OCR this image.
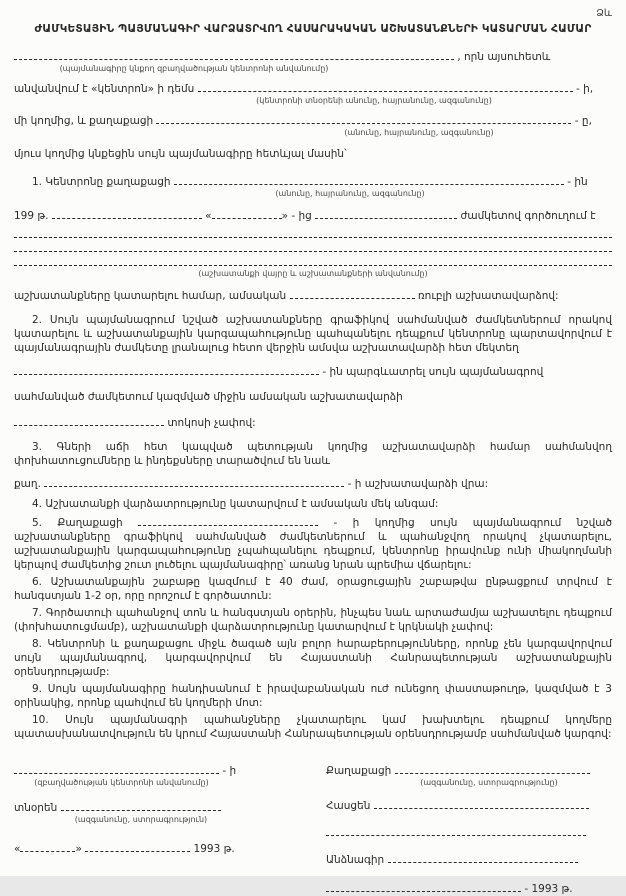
Ձև
ԺԱՄԿԵՏԱՅԻՆ ՊԱՅՄԱՆԱԳԻՐ ՎԱՐՁԱՏՐՎՈՂ ՀԱՍԱՐԱԿԱԿԱՆ ԱՇԽԱՏԱՆՔՆԵՐԻ ԿԱՏԱՐՄԱՆ ՀԱՄԱՐ
, որն այսուհետև
(պայմանագիրը կնքող զբաղվածության կենտրոնի անվանումը)
անվանվում է «կենտրոն» ի դեմս	- ի,
(կենտրոնի տնօրենի անունը, հայրանունը, ազգանունը)
մի կողմից, և քաղաքացի	- ը,
(անունը, հայրանունը, ազգանունը)
մյուս կողմից կնքեցին սույն պայմանագիրը հետևյալ մասին՝
1. Կենտրոնը քաղաքացի	- ին
(անունը, հայրանունը, ազգանունը)
199 թ.	«	» - ից	ժամկետով գործուղում է
(աշխատանքի վայրը և աշխատանքների անվանումը)
աշխատանքները կատարելու համար, ամսական	ռուբլի աշխատավարձով:
2. Սույն պայմանագրում նշված աշխատանքները գրաֆիկով սահմանված ժամկետներում որակով կատարելու և աշխատանքային կարգապահությունը պահպանելու դեպքում կենտրոնը պարտավորվում է պայմանագրային ժամկետը լրանալուց հետո վերջին ամսվա աշխատավարձի հետ մեկտեղ
- ին պարգևատրել սույն պայմանագրով
սահմանված ժամկետում կազմված միջին ամսական աշխատավարձի
տոկոսի չափով:
3. Գների աճի հետ կապված պետության կողմից աշխատավարձի համար սահմանվող փոխհատուցումները և ինդեքսները տարածվում են նաև
քաղ.	- ի աշխատավարձի վրա:
4. Աշխատանքի վարձատրությունը կատարվում է ամսական մեկ անգամ:
5. Քաղաքացի	- ի կողմից սույն պայմանագրում նշված աշխատանքները գրաֆիկով սահմանված ժամկետներում և պահանջվող որակով չկատարելու, աշխատանքային կարգապահությունը չպահպանելու դեպքում, կենտրոնը իրավունք ունի միակողմանի կերպով ժամկետից շուտ լուծելու պայմանագիրը՝ առանց նրան պրեմիա վճարելու:
6. Աշխատանքային շաբաթը կազմում է 40 ժամ, օրացուցային շաբաթվա ընթացքում տրվում է հանգստյան 1-2 օր, որը որոշում է գործատուն:
7. Գործատուի պահանջով տոն և հանգստյան օրերին, ինչպես նաև արտաժամյա աշխատելու դեպքում (փոխհատուցմամբ), աշխատանքի վարձատրությունը կատարվում է կրկնակի չափով:
8. Կենտրոնի և քաղաքացու միջև ծագած այն բոլոր հարաբերությունները, որոնք չեն կարգավորվում սույն պայմանագրով, կարգավորվում են Հայաստանի Հանրապետության աշխատանքային օրենսդրությամբ:
9. Սույն պայմանագիրը հանդիսանում է իրավաբանական ուժ ունեցող փաստաթուղթ, կազմված է 3 օրինակից, որոնք պահվում են կողմերի մոտ:
10. Սույն պայմանագրի պահանջները չկատարելու կամ խախտելու դեպքում կողմերը պատասխանատվություն են կրում Հայաստանի Հանրապետության օրենսդրությամբ սահմանված կարգով:
- ի
(զբաղվածության կենտրոնի անվանումը)
տնօրեն
(ազգանունը, ստորագրություն)
«	»	1993 թ.
Քաղաքացի
(ազգանունը, ստորագրությունը)
Հասցեն
Անձնագիր
- 1993 թ.
